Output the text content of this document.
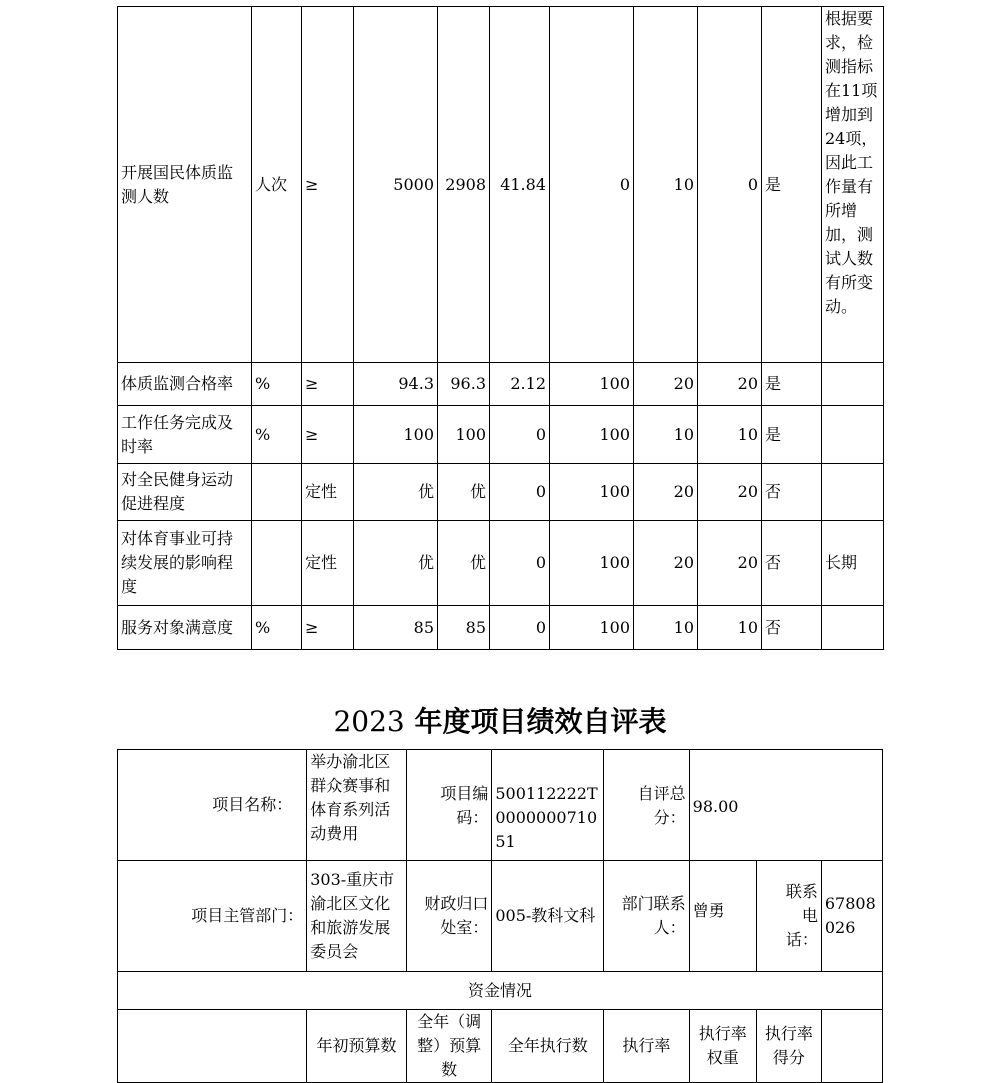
开展国民体质监测人数	人次	≥	5000	2908	41.84	0	10	0	是	根据要求，检测指标在11项增加到24项，因此工作量有所增加，测试人数有所变动。
体质监测合格率	%	≥	94.3	96.3	2.12	100	20	20	是	
工作任务完成及时率	%	≥	100	100	0	100	10	10	是	
对全民健身运动促进程度		定性	优	优	0	100	20	20	否	
对体育事业可持续发展的影响程度		定性	优	优	0	100	20	20	否	长期
服务对象满意度	%	≥	85	85	0	100	10	10	否	
2023 年度项目绩效自评表
项目名称：	举办渝北区群众赛事和体育系列活动费用	项目编码：	500112222T000000071051	自评总分：	98.00		
项目主管部门：	303-重庆市渝北区文化和旅游发展委员会	财政归口处室：	005-教科文科	部门联系人：	曾勇	联系电话：	67808026
资金情况							
	年初预算数	全年（调整）预算数	全年执行数	执行率	执行率权重	执行率得分	
